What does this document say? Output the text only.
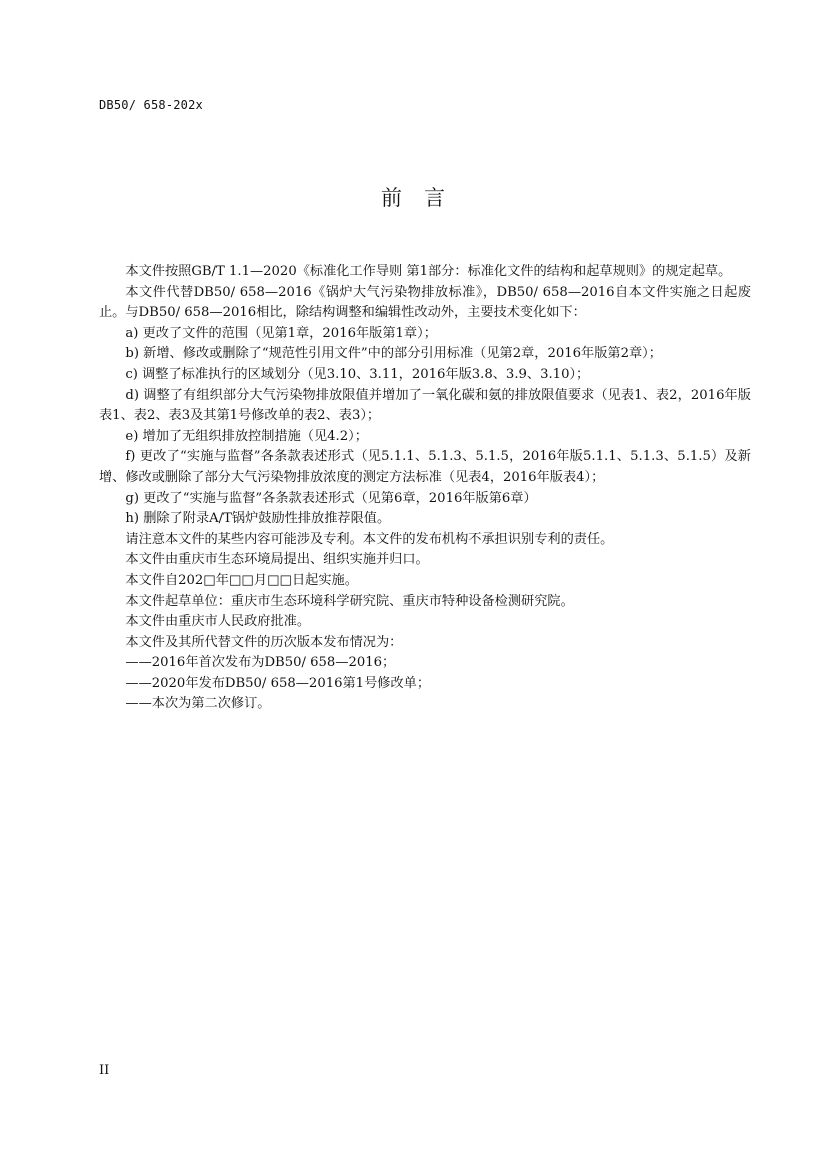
DB50/ 658-202x
前言

本文件按照GB/T 1.1—2020《标准化工作导则 第1部分：标准化文件的结构和起草规则》的规定起草。

本文件代替DB50/ 658—2016《锅炉大气污染物排放标准》，DB50/ 658—2016自本文件实施之日起废止。与DB50/ 658—2016相比，除结构调整和编辑性改动外，主要技术变化如下：

a) 更改了文件的范围（见第1章，2016年版第1章）；

b) 新增、修改或删除了“规范性引用文件”中的部分引用标准（见第2章，2016年版第2章）；

c) 调整了标准执行的区域划分（见3.10、3.11，2016年版3.8、3.9、3.10）；

d) 调整了有组织部分大气污染物排放限值并增加了一氧化碳和氨的排放限值要求（见表1、表2，2016年版表1、表2、表3及其第1号修改单的表2、表3）；

e) 增加了无组织排放控制措施（见4.2）；

f) 更改了“实施与监督”各条款表述形式（见5.1.1、5.1.3、5.1.5，2016年版5.1.1、5.1.3、5.1.5）及新增、修改或删除了部分大气污染物排放浓度的测定方法标准（见表4，2016年版表4）；

g) 更改了“实施与监督”各条款表述形式（见第6章，2016年版第6章）

h) 删除了附录A/T锅炉鼓励性排放推荐限值。

请注意本文件的某些内容可能涉及专利。本文件的发布机构不承担识别专利的责任。

本文件由重庆市生态环境局提出、组织实施并归口。

本文件自202□年□□月□□日起实施。

本文件起草单位：重庆市生态环境科学研究院、重庆市特种设备检测研究院。

本文件由重庆市人民政府批准。

本文件及其所代替文件的历次版本发布情况为：

——2016年首次发布为DB50/ 658—2016；

——2020年发布DB50/ 658—2016第1号修改单；

——本次为第二次修订。

II
